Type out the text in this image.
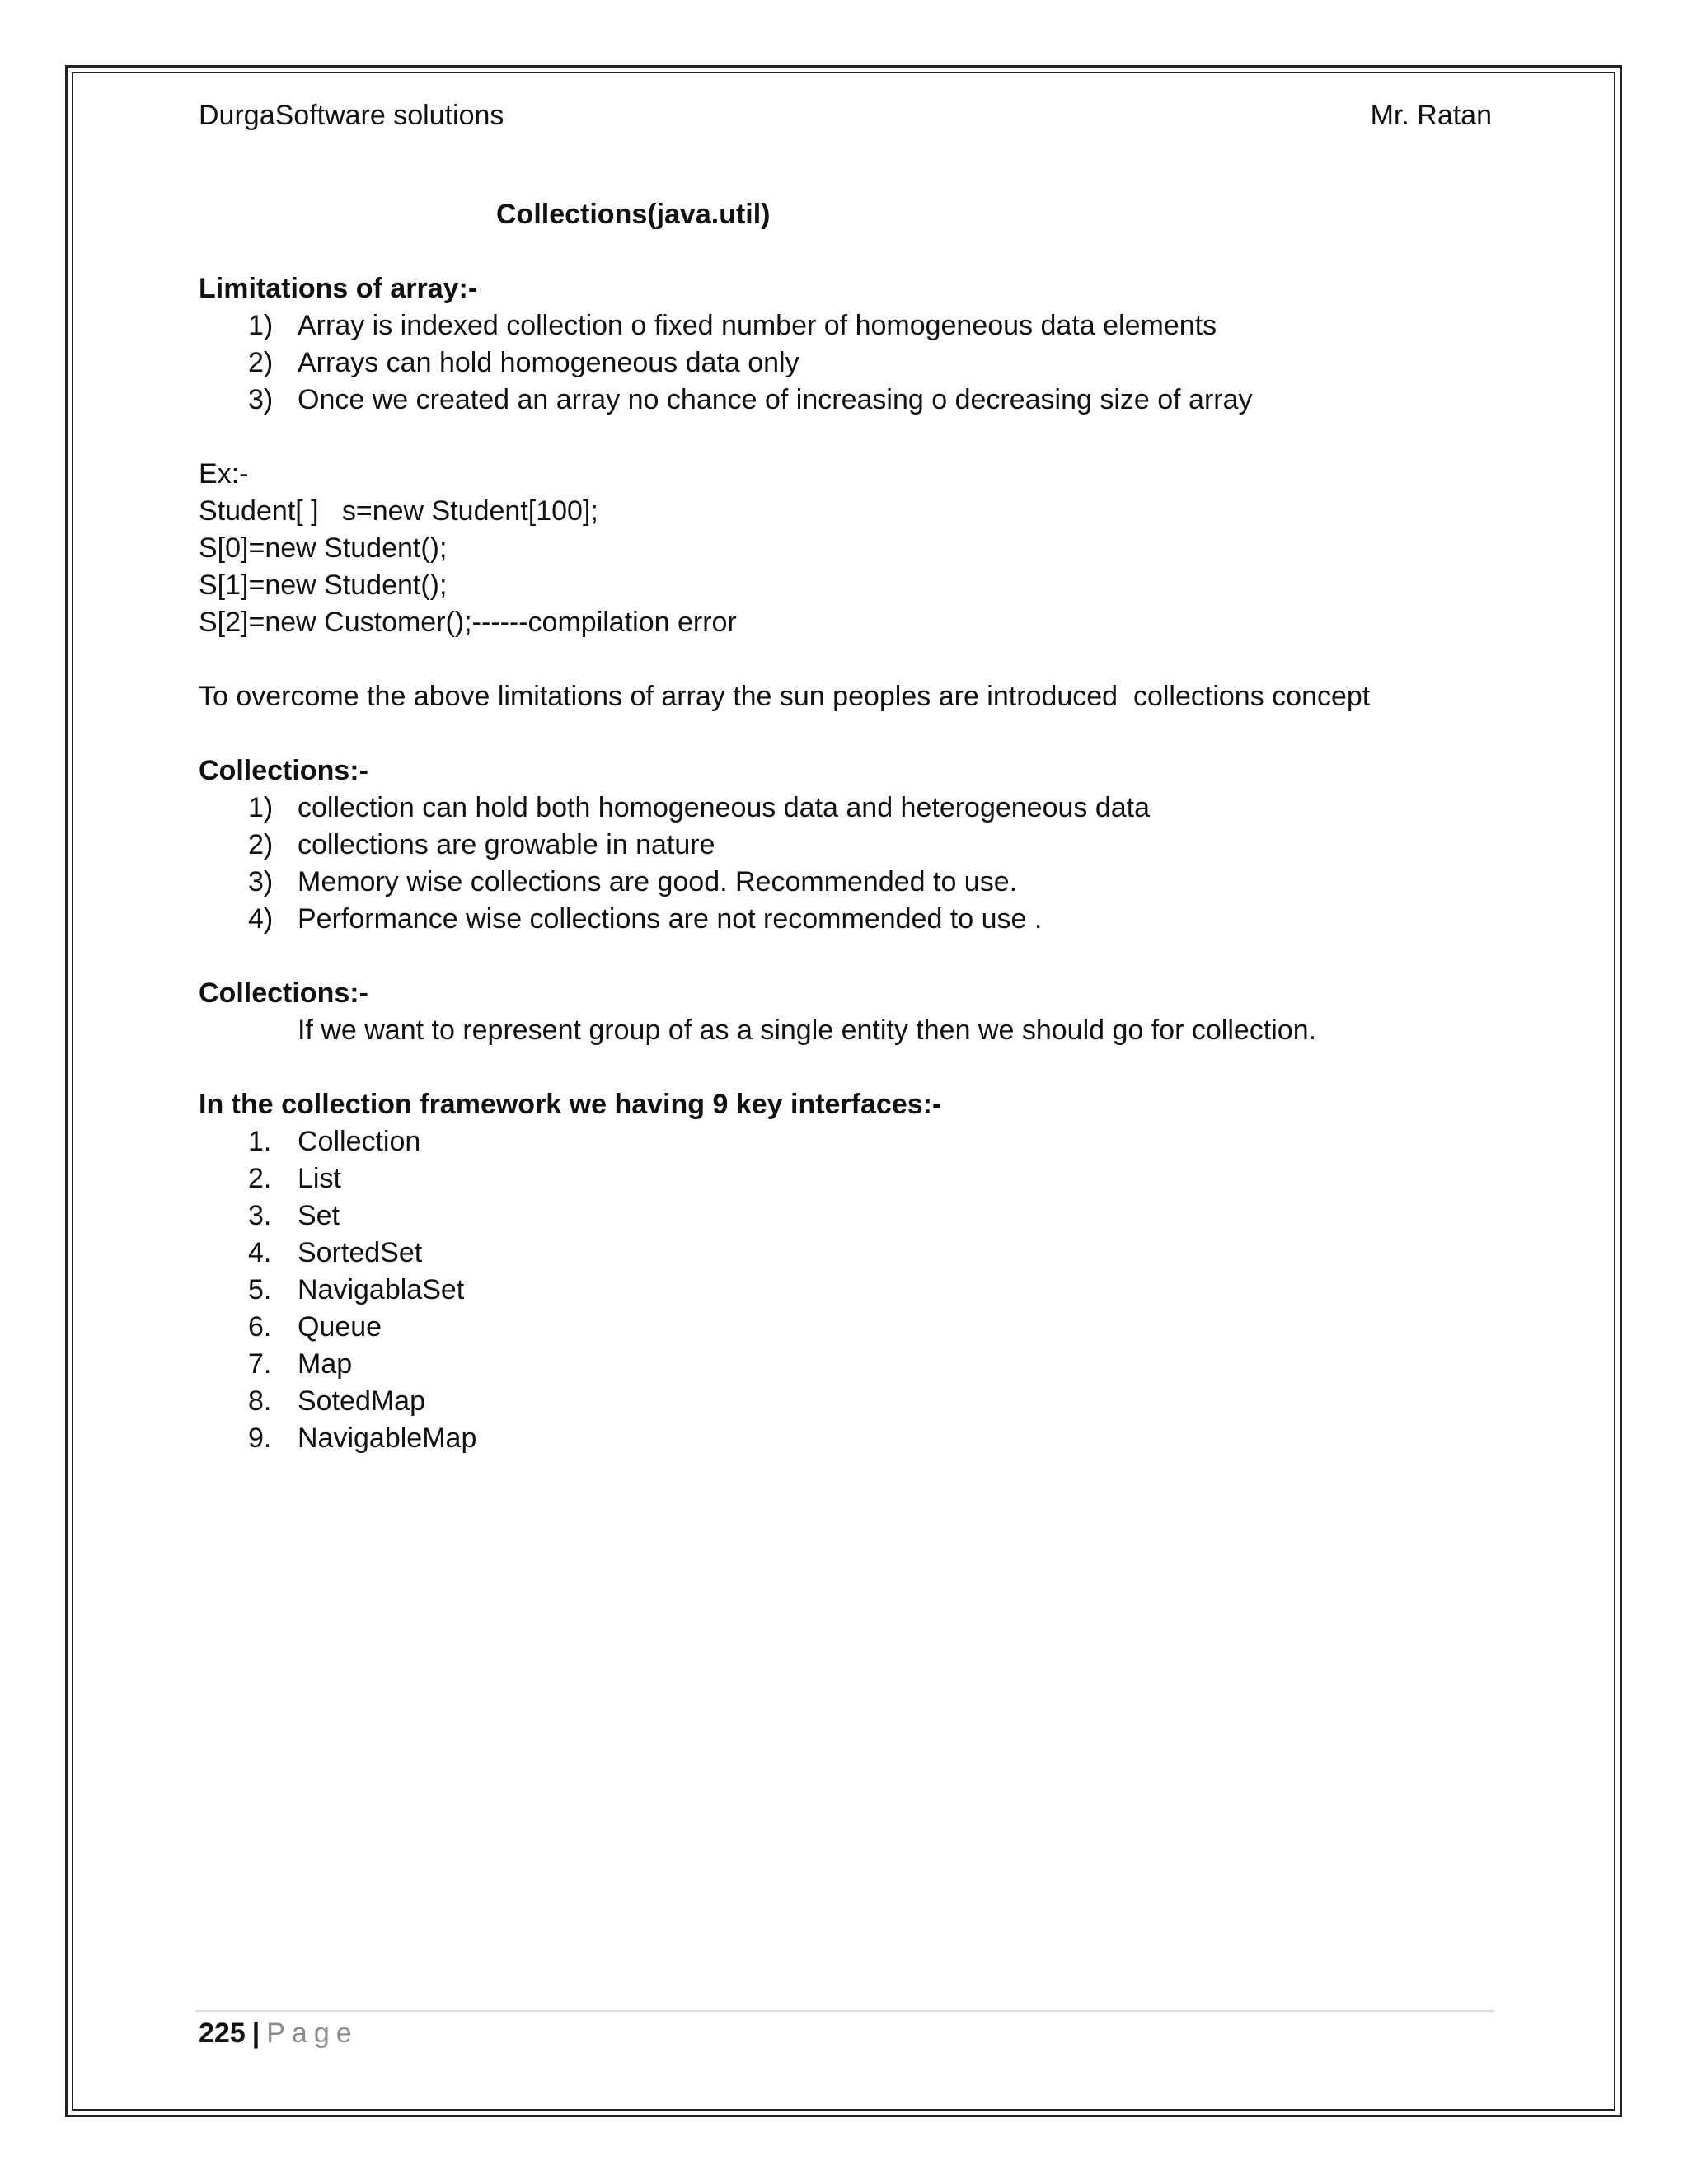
DurgaSoftware solutions	Mr. Ratan
Collections(java.util)
Limitations of array:-
1) Array is indexed collection o fixed number of homogeneous data elements
2) Arrays can hold homogeneous data only
3) Once we created an array no chance of increasing o decreasing size of array
Ex:-
Student[ ]   s=new Student[100];
S[0]=new Student();
S[1]=new Student();
S[2]=new Customer();------compilation error
To overcome the above limitations of array the sun peoples are introduced  collections concept
Collections:-
1) collection can hold both homogeneous data and heterogeneous data
2) collections are growable in nature
3) Memory wise collections are good. Recommended to use.
4) Performance wise collections are not recommended to use .
Collections:-
If we want to represent group of as a single entity then we should go for collection.
In the collection framework we having 9 key interfaces:-
1. Collection
2. List
3. Set
4. SortedSet
5. NavigablaSet
6. Queue
7. Map
8. SotedMap
9. NavigableMap
225 | Page
